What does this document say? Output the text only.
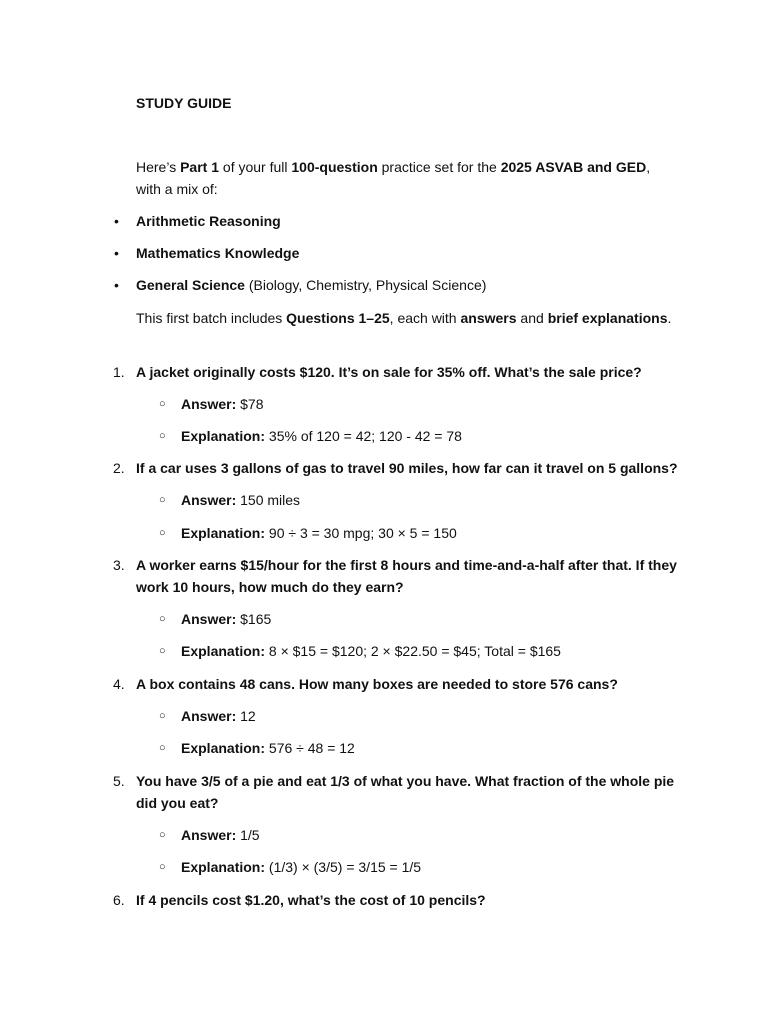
STUDY GUIDE
Here’s Part 1 of your full 100-question practice set for the 2025 ASVAB and GED, with a mix of:
• Arithmetic Reasoning
• Mathematics Knowledge
• General Science (Biology, Chemistry, Physical Science)
This first batch includes Questions 1–25, each with answers and brief explanations.
1. A jacket originally costs $120. It’s on sale for 35% off. What’s the sale price?
○ Answer: $78
○ Explanation: 35% of 120 = 42; 120 - 42 = 78
2. If a car uses 3 gallons of gas to travel 90 miles, how far can it travel on 5 gallons?
○ Answer: 150 miles
○ Explanation: 90 ÷ 3 = 30 mpg; 30 × 5 = 150
3. A worker earns $15/hour for the first 8 hours and time-and-a-half after that. If they work 10 hours, how much do they earn?
○ Answer: $165
○ Explanation: 8 × $15 = $120; 2 × $22.50 = $45; Total = $165
4. A box contains 48 cans. How many boxes are needed to store 576 cans?
○ Answer: 12
○ Explanation: 576 ÷ 48 = 12
5. You have 3/5 of a pie and eat 1/3 of what you have. What fraction of the whole pie did you eat?
○ Answer: 1/5
○ Explanation: (1/3) × (3/5) = 3/15 = 1/5
6. If 4 pencils cost $1.20, what’s the cost of 10 pencils?
